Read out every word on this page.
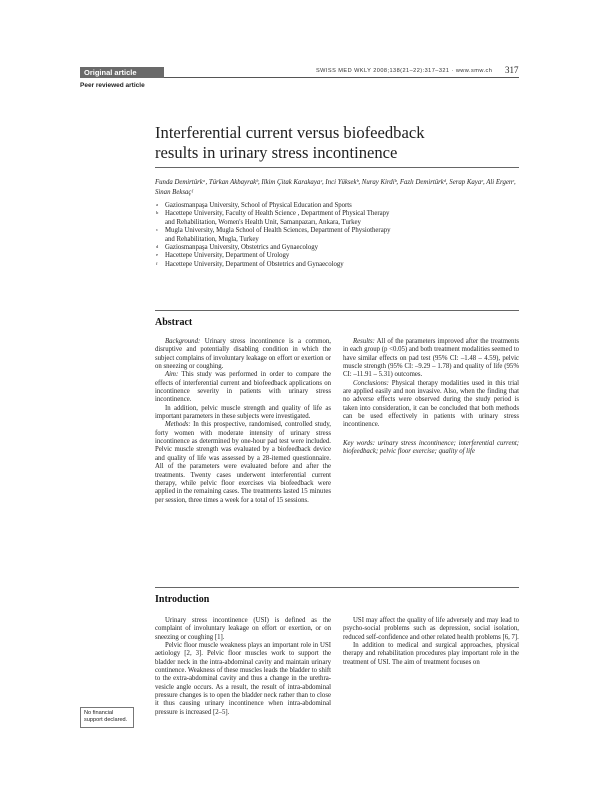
Original article	SWISS MED WKLY 2008;138(21–22):317–321 · www.smw.ch 317
Peer reviewed article
Interferential current versus biofeedback
results in urinary stress incontinence
Funda Demirtürkᵃ, Türkan Akbayrakᵇ, Ilkim Çitak Karakayaᶜ, Inci Yüksekᵇ, Nuray Kirdiᵇ, Fazlı Demirtürkᵈ, Serap Kayaᵉ, Ali Ergenᵉ, Sinan Beksaçᶠ
a Gaziosmanpaşa University, School of Physical Education and Sports
b Hacettepe University, Faculty of Health Science , Department of Physical Therapy
and Rehabilitation, Women's Health Unit, Samanpazarı, Ankara, Turkey
c Mugla University, Mugla School of Health Sciences, Department of Physiotherapy
and Rehabilitation, Mugla, Turkey
d Gaziosmanpaşa University, Obstetrics and Gynaecology
e Hacettepe University, Department of Urology
f Hacettepe University, Department of Obstetrics and Gynaecology
Abstract

Background: Urinary stress incontinence is a common, disruptive and potentially disabling condition in which the subject complains of involuntary leakage on effort or exertion or on sneezing or coughing.

Aim: This study was performed in order to compare the effects of interferential current and biofeedback applications on incontinence severity in patients with urinary stress incontinence.

In addition, pelvic muscle strength and quality of life as important parameters in these subjects were investigated.

Methods: In this prospective, randomised, controlled study, forty women with moderate intensity of urinary stress incontinence as determined by one-hour pad test were included. Pelvic muscle strength was evaluated by a biofeedback device and quality of life was assessed by a 28-itemed questionnaire. All of the parameters were evaluated before and after the treatments. Twenty cases underwent interferential current therapy, while pelvic floor exercises via biofeedback were applied in the remaining cases. The treatments lasted 15 minutes per session, three times a week for a total of 15 sessions.

Results: All of the parameters improved after the treatments in each group (p <0.05) and both treatment modalities seemed to have similar effects on pad test (95% CI: –1.48 – 4.59), pelvic muscle strength (95% CI: –9.29 – 1.78) and quality of life (95% CI: –11.91 – 5.31) outcomes.

Conclusions: Physical therapy modalities used in this trial are applied easily and non invasive. Also, when the finding that no adverse effects were observed during the study period is taken into consideration, it can be concluded that both methods can be used effectively in patients with urinary stress incontinence.

Key words: urinary stress incontinence; interferential current; biofeedback; pelvic floor exercise; quality of life

Introduction

Urinary stress incontinence (USI) is defined as the complaint of involuntary leakage on effort or exertion, or on sneezing or coughing [1].

Pelvic floor muscle weakness plays an important role in USI aetiology [2, 3]. Pelvic floor muscles work to support the bladder neck in the intra-abdominal cavity and maintain urinary continence. Weakness of these muscles leads the bladder to shift to the extra-abdominal cavity and thus a change in the urethra-vesicle angle occurs. As a result, the result of intra-abdominal pressure changes is to open the bladder neck rather than to close it thus causing urinary incontinence when intra-abdominal pressure is increased [2–5].

USI may affect the quality of life adversely and may lead to psycho-social problems such as depression, social isolation, reduced self-confidence and other related health problems [6, 7].

In addition to medical and surgical approaches, physical therapy and rehabilitation procedures play important role in the treatment of USI. The aim of treatment focuses on

No financial support declared.
